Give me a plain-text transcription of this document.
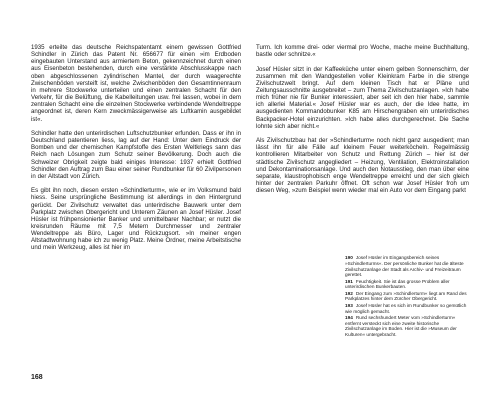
1935 erteilte das deutsche Reichspatentamt einem gewissen Gottfried Schindler in Zürich das Patent Nr. 656677 für einen »im Erdboden eingebauten Unterstand aus armiertem Beton, gekennzeichnet durch einen aus Eisenbeton bestehenden, durch eine verstärkte Abschlusskappe nach oben abgeschlossenen zylindrischen Mantel, der durch waagerechte Zwischenböden versteift ist, welche Zwischenböden den Gesamtinnenraum in mehrere Stockwerke unterteilen und einen zentralen Schacht für den Verkehr, für die Belüftung, die Kabelleitungen usw. frei lassen, wobei in dem zentralen Schacht eine die einzelnen Stockwerke verbindende Wendeltreppe angeordnet ist, deren Kern zweckmässigerweise als Luftkamin ausgebildet ist«.

Schindler hatte den unterirdischen Luftschutzbunker erfunden. Dass er ihn in Deutschland patentieren liess, lag auf der Hand: Unter dem Eindruck der Bomben und der chemischen Kampfstoffe des Ersten Weltkriegs sann das Reich nach Lösungen zum Schutz seiner Bevölkerung. Doch auch die Schweizer Obrigkeit zeigte bald einiges Interesse: 1937 erhielt Gottfried Schindler den Auftrag zum Bau einer seiner Rundbunker für 60 Zivilpersonen in der Altstadt von Zürich.

Es gibt ihn noch, diesen ersten »Schindlerturm«, wie er im Volksmund bald hiess. Seine ursprüngliche Bestimmung ist allerdings in den Hintergrund gerückt. Der Zivilschutz verwaltet das unterirdische Bauwerk unter dem Parkplatz zwischen Obergericht und Unterem Zäunen an Josef Hüsler. Josef Hüsler ist frühpensionierter Banker und unmittelbarer Nachbar; er nutzt die kreisrunden Räume mit 7,5 Metern Durchmesser und zentraler Wendeltreppe als Büro, Lager und Rückzugsort. »In meiner engen Altstadtwohnung habe ich zu wenig Platz. Meine Ordner, meine Arbeitstische und mein Werkzeug, alles ist hier im

Turm. Ich komme drei- oder viermal pro Woche, mache meine Buchhaltung, bastle oder schnitze.«

Josef Hüsler sitzt in der Kaffeeküche unter einem gelben Sonnenschirm, der zusammen mit den Wandgestellen voller Kleinkram Farbe in die strenge Zivilschutzwelt bringt. Auf dem kleinen Tisch hat er Pläne und Zeitungsausschnitte ausgebreitet – zum Thema Zivilschutzanlagen. »Ich habe mich früher nie für Bunker interessiert, aber seit ich den hier habe, sammle ich allerlei Material.« Josef Hüsler war es auch, der die Idee hatte, im ausgedienten Kommandobunker K85 am Hirschengraben ein unterirdisches Backpacker-Hotel einzurichten. »Ich habe alles durchgerechnet. Die Sache lohnte sich aber nicht.«

Als Zivilschutzbau hat der »Schindlerturm« noch nicht ganz ausgedient; man lässt ihn für alle Fälle auf kleinem Feuer weiterköcheln. Regelmässig kontrollieren Mitarbeiter von Schutz und Rettung Zürich – hier ist der städtische Zivilschutz angegliedert – Heizung, Ventilation, Elektroinstallation und Dekontaminationsanlage. Und auch den Notausstieg, den man über eine separate, klaustrophobisch enge Wendeltreppe erreicht und der sich gleich hinter der zentralen Parkuhr öffnet. Oft schon war Josef Hüsler froh um diesen Weg, »zum Beispiel wenn wieder mal ein Auto vor dem Eingang parkt

190 Josef Hüsler im Eingangsbereich seines »Schindlerturms«. Der persönliche Bunker hat die älteste Zivilschutzanlage der Stadt als Archiv- und Freizeitraum gerettet.
191 Feuchtigkeit. Sie ist das grosse Problem aller unterirdischen Bunkerbauten.
192 Der Eingang zum »Schindlerturm« liegt am Rand des Parkplatzes hinter dem Zürcher Obergericht.
193 Josef Hüsler hat es sich im Rundbunker so gemütlich wie möglich gemacht.
194 Rund sechshundert Meter vom »Schindlerturm« entfernt versteckt sich eine zweite historische Zivilschutzanlage im Boden. Hier ist die »Museum der Kulturen« untergebracht.
168
